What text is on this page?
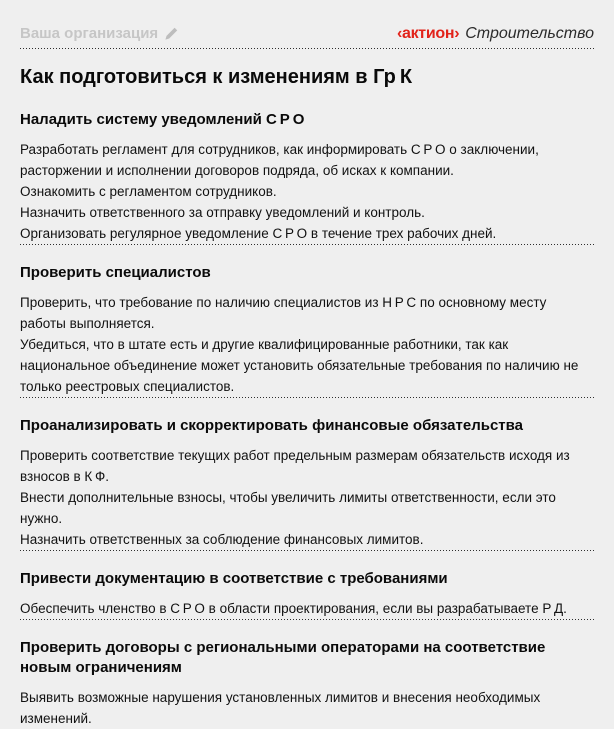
Ваша организация	‹актион› Строительство
Как подготовиться к изменениям в Гр К
Наладить систему уведомлений С Р О
Разработать регламент для сотрудников, как информировать С Р О о заключении, расторжении и исполнении договоров подряда, об исках к компании.
Ознакомить с регламентом сотрудников.
Назначить ответственного за отправку уведомлений и контроль.
Организовать регулярное уведомление С Р О в течение трех рабочих дней.
Проверить специалистов
Проверить, что требование по наличию специалистов из Н Р С по основному месту работы выполняется.
Убедиться, что в штате есть и другие квалифицированные работники, так как национальное объединение может установить обязательные требования по наличию не только реестровых специалистов.
Проанализировать и скорректировать финансовые обязательства
Проверить соответствие текущих работ предельным размерам обязательств исходя из взносов в К Ф.
Внести дополнительные взносы, чтобы увеличить лимиты ответственности, если это нужно.
Назначить ответственных за соблюдение финансовых лимитов.
Привести документацию в соответствие с требованиями
Обеспечить членство в С Р О в области проектирования, если вы разрабатываете Р Д.
Проверить договоры с региональными операторами на соответствие новым ограничениям
Выявить возможные нарушения установленных лимитов и внесения необходимых изменений.
